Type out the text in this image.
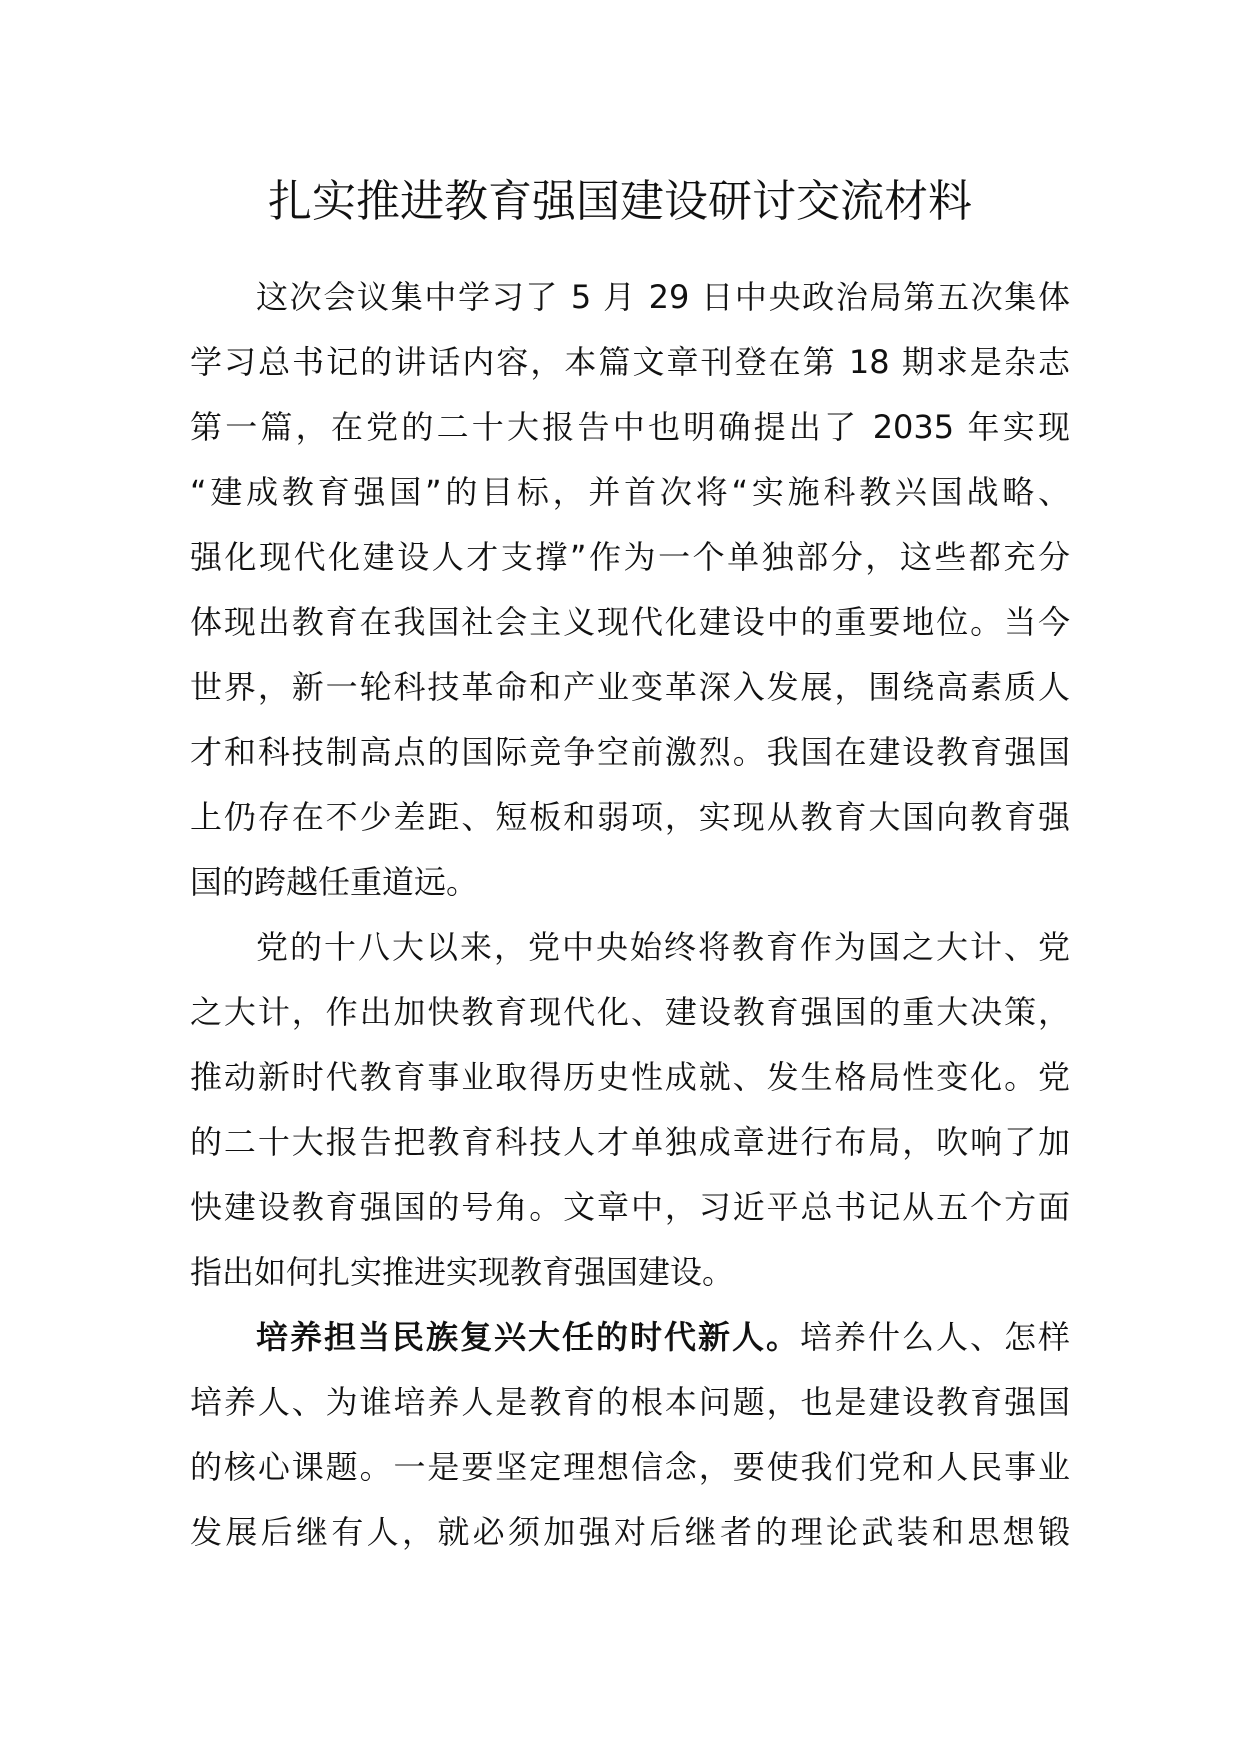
扎实推进教育强国建设研讨交流材料
这次会议集中学习了 5 月 29 日中央政治局第五次集体
学习总书记的讲话内容，本篇文章刊登在第 18 期求是杂志
第一篇，在党的二十大报告中也明确提出了 2035 年实现
“建成教育强国”的目标，并首次将“实施科教兴国战略、
强化现代化建设人才支撑”作为一个单独部分，这些都充分
体现出教育在我国社会主义现代化建设中的重要地位。当今
世界，新一轮科技革命和产业变革深入发展，围绕高素质人
才和科技制高点的国际竞争空前激烈。我国在建设教育强国
上仍存在不少差距、短板和弱项，实现从教育大国向教育强
国的跨越任重道远。
党的十八大以来，党中央始终将教育作为国之大计、党
之大计，作出加快教育现代化、建设教育强国的重大决策，
推动新时代教育事业取得历史性成就、发生格局性变化。党
的二十大报告把教育科技人才单独成章进行布局，吹响了加
快建设教育强国的号角。文章中，习近平总书记从五个方面
指出如何扎实推进实现教育强国建设。
培养担当民族复兴大任的时代新人。培养什么人、怎样
培养人、为谁培养人是教育的根本问题，也是建设教育强国
的核心课题。一是要坚定理想信念，要使我们党和人民事业
发展后继有人，就必须加强对后继者的理论武装和思想锻
